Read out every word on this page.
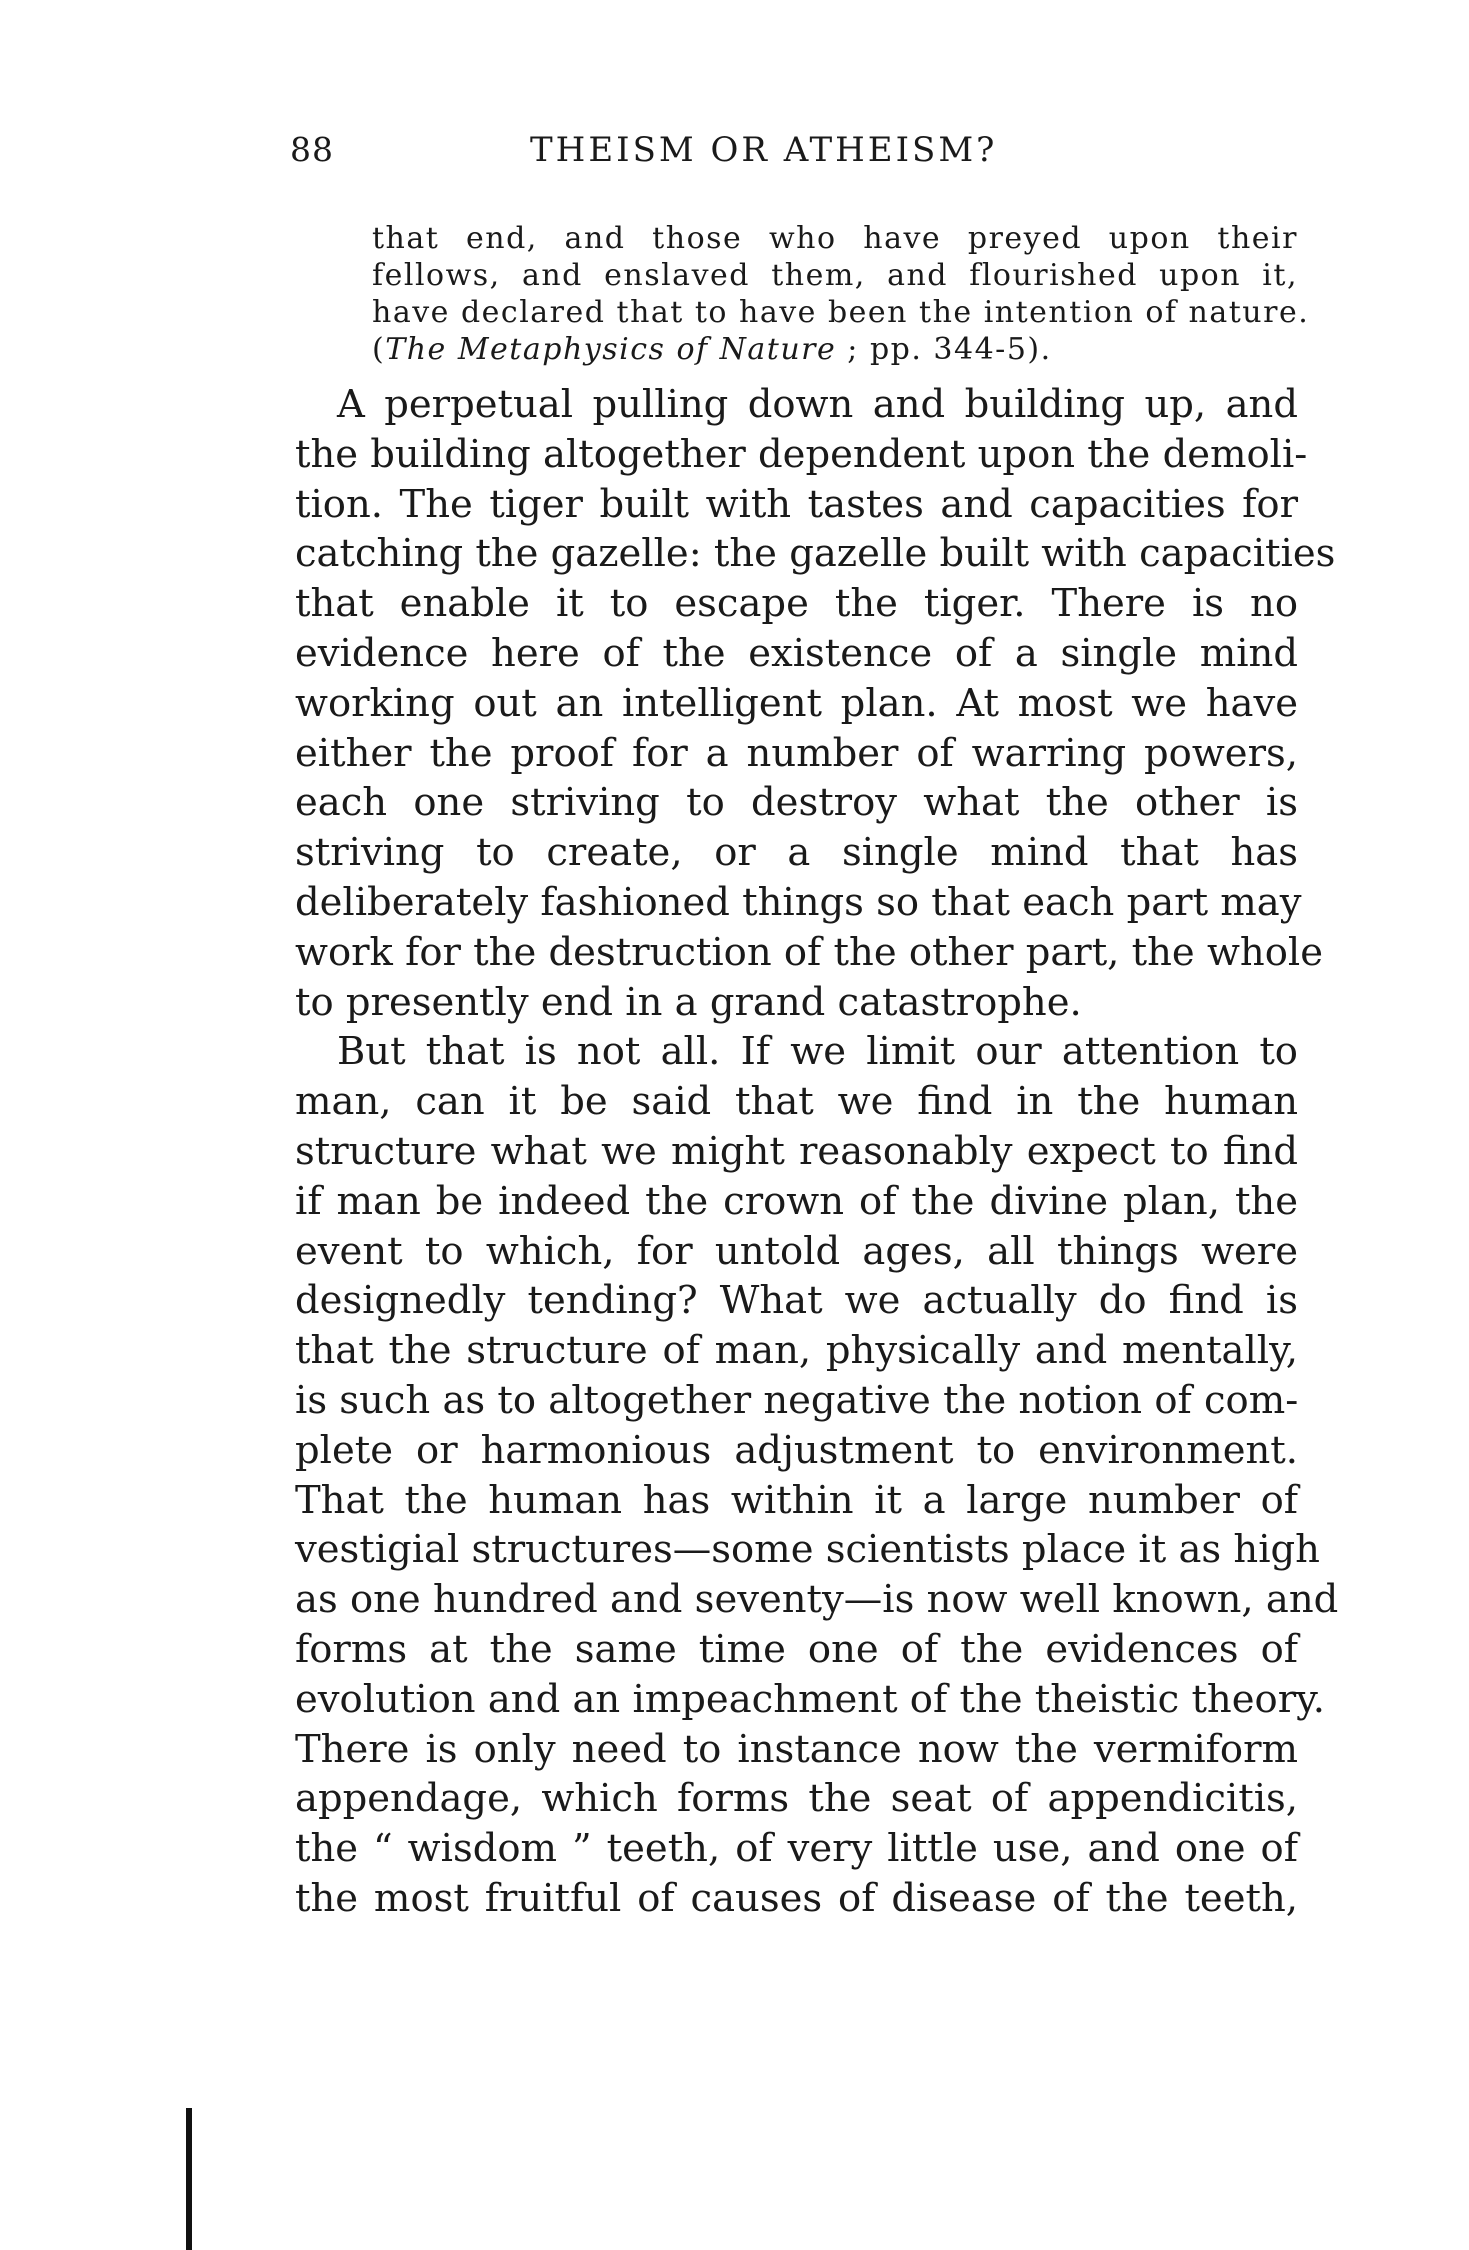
88	THEISM OR ATHEISM?
that end, and those who have preyed upon their
fellows, and enslaved them, and flourished upon it,
have declared that to have been the intention of nature.
(The Metaphysics of Nature ; pp. 344-5).

A perpetual pulling down and building up, and
the building altogether dependent upon the demoli-
tion. The tiger built with tastes and capacities for
catching the gazelle: the gazelle built with capacities
that enable it to escape the tiger. There is no
evidence here of the existence of a single mind
working out an intelligent plan. At most we have
either the proof for a number of warring powers,
each one striving to destroy what the other is
striving to create, or a single mind that has
deliberately fashioned things so that each part may
work for the destruction of the other part, the whole
to presently end in a grand catastrophe.

But that is not all. If we limit our attention to
man, can it be said that we find in the human
structure what we might reasonably expect to find
if man be indeed the crown of the divine plan, the
event to which, for untold ages, all things were
designedly tending? What we actually do find is
that the structure of man, physically and mentally,
is such as to altogether negative the notion of com-
plete or harmonious adjustment to environment.
That the human has within it a large number of
vestigial structures—some scientists place it as high
as one hundred and seventy—is now well known, and
forms at the same time one of the evidences of
evolution and an impeachment of the theistic theory.
There is only need to instance now the vermiform
appendage, which forms the seat of appendicitis,
the “ wisdom ” teeth, of very little use, and one of
the most fruitful of causes of disease of the teeth,
